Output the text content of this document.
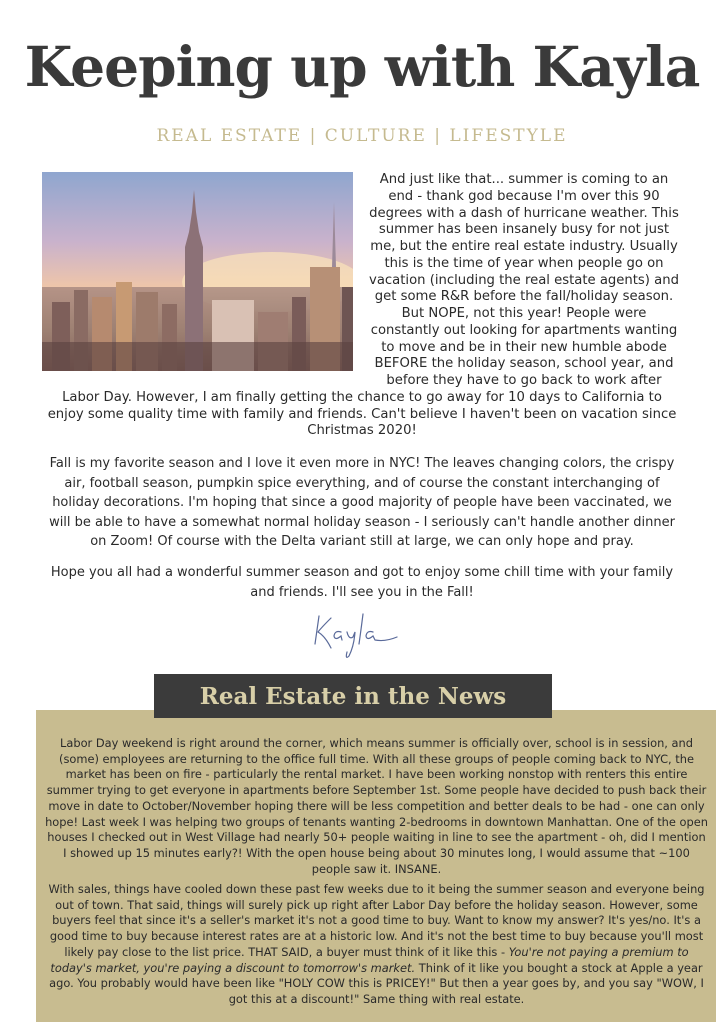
Keeping up with Kayla
REAL ESTATE | CULTURE | LIFESTYLE

And just like that... summer is coming to an end - thank god because I'm over this 90 degrees with a dash of hurricane weather. This summer has been insanely busy for not just me, but the entire real estate industry. Usually this is the time of year when people go on vacation (including the real estate agents) and get some R&R before the fall/holiday season. But NOPE, not this year! People were constantly out looking for apartments wanting to move and be in their new humble abode BEFORE the holiday season, school year, and before they have to go back to work after Labor Day. However, I am finally getting the chance to go away for 10 days to California to enjoy some quality time with family and friends. Can't believe I haven't been on vacation since Christmas 2020!

Fall is my favorite season and I love it even more in NYC! The leaves changing colors, the crispy air, football season, pumpkin spice everything, and of course the constant interchanging of holiday decorations. I'm hoping that since a good majority of people have been vaccinated, we will be able to have a somewhat normal holiday season - I seriously can't handle another dinner on Zoom! Of course with the Delta variant still at large, we can only hope and pray.

Hope you all had a wonderful summer season and got to enjoy some chill time with your family and friends. I'll see you in the Fall!

Real Estate in the News

Labor Day weekend is right around the corner, which means summer is officially over, school is in session, and (some) employees are returning to the office full time. With all these groups of people coming back to NYC, the market has been on fire - particularly the rental market. I have been working nonstop with renters this entire summer trying to get everyone in apartments before September 1st. Some people have decided to push back their move in date to October/November hoping there will be less competition and better deals to be had - one can only hope! Last week I was helping two groups of tenants wanting 2-bedrooms in downtown Manhattan. One of the open houses I checked out in West Village had nearly 50+ people waiting in line to see the apartment - oh, did I mention I showed up 15 minutes early?! With the open house being about 30 minutes long, I would assume that ~100 people saw it. INSANE.

With sales, things have cooled down these past few weeks due to it being the summer season and everyone being out of town. That said, things will surely pick up right after Labor Day before the holiday season. However, some buyers feel that since it's a seller's market it's not a good time to buy. Want to know my answer? It's yes/no. It's a good time to buy because interest rates are at a historic low. And it's not the best time to buy because you'll most likely pay close to the list price. THAT SAID, a buyer must think of it like this - You're not paying a premium to today's market, you're paying a discount to tomorrow's market. Think of it like you bought a stock at Apple a year ago. You probably would have been like "HOLY COW this is PRICEY!" But then a year goes by, and you say "WOW, I got this at a discount!" Same thing with real estate.
